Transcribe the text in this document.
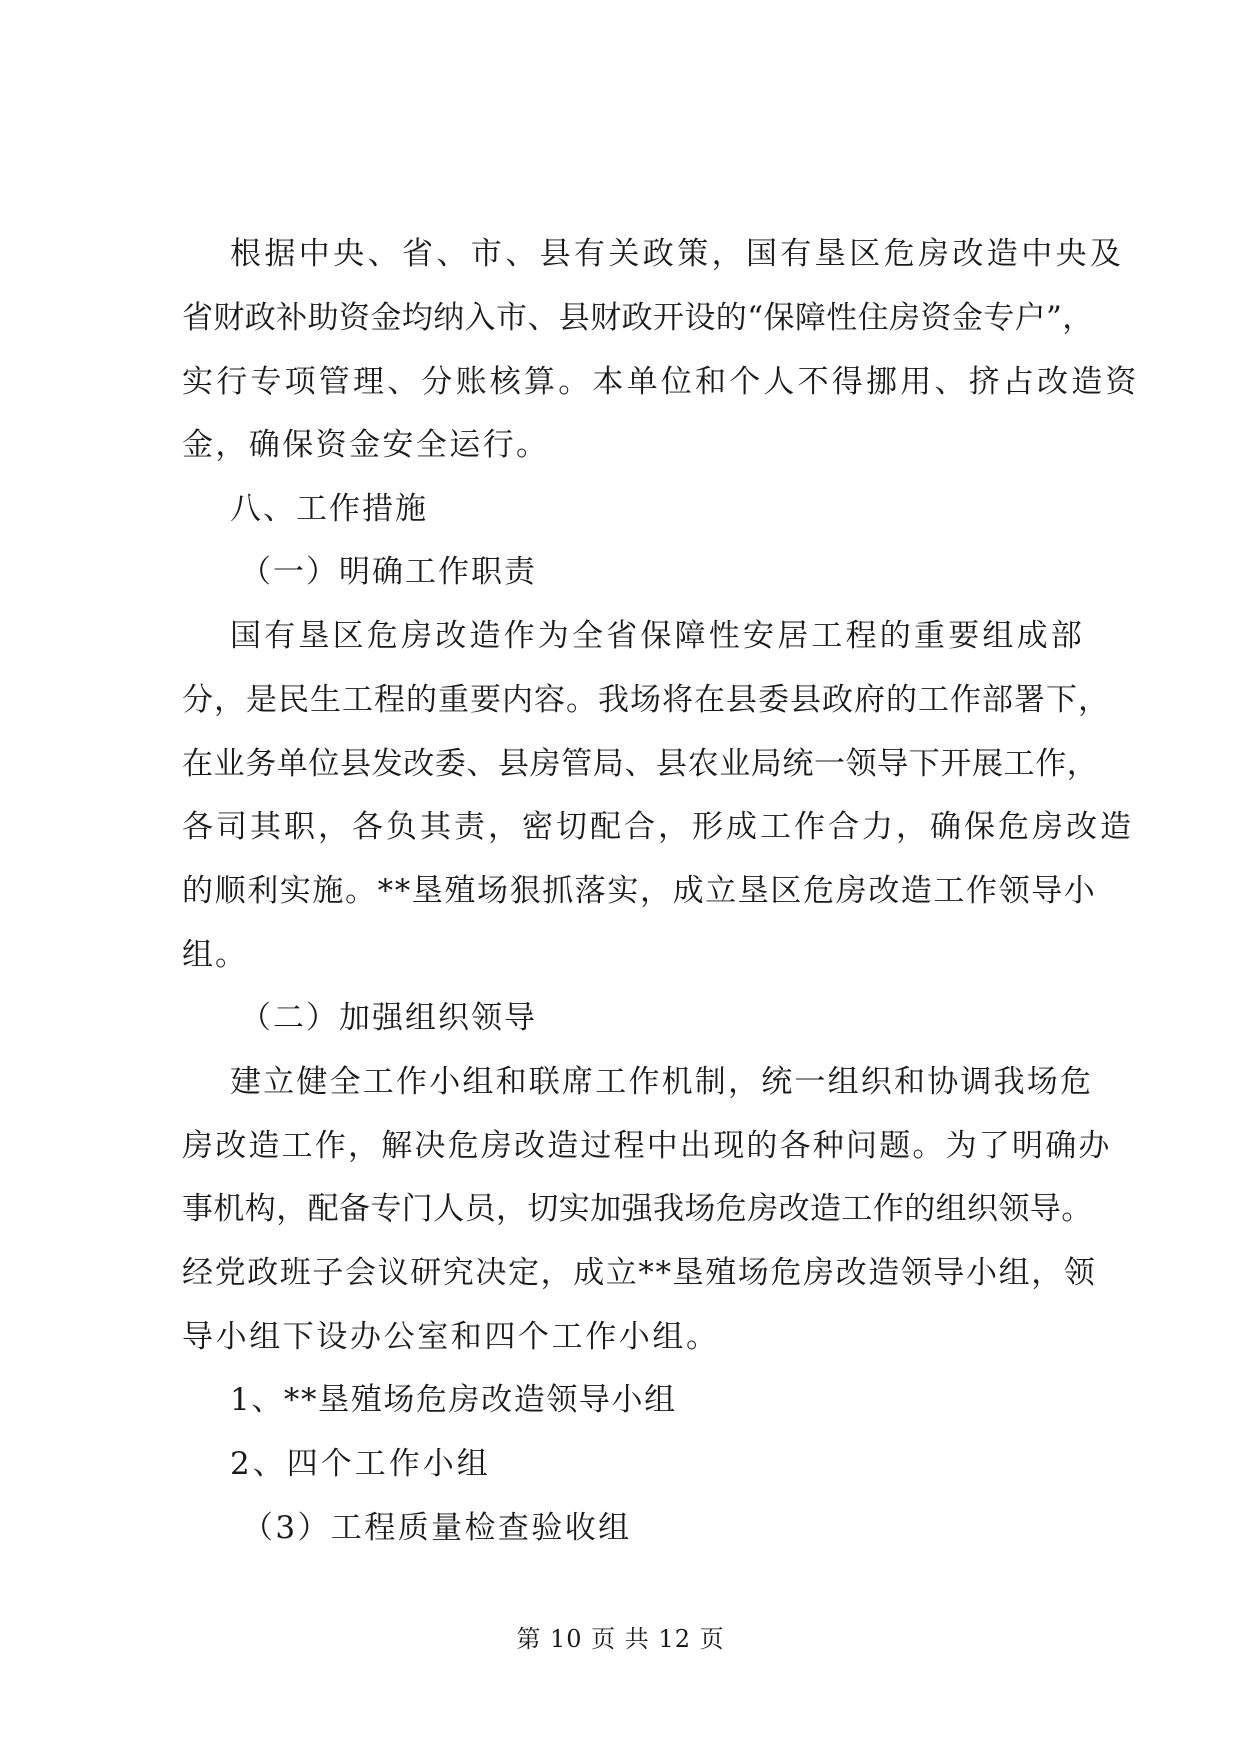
根据中央、省、市、县有关政策，国有垦区危房改造中央及
省财政补助资金均纳入市、县财政开设的“保障性住房资金专户”，
实行专项管理、分账核算。本单位和个人不得挪用、挤占改造资
金，确保资金安全运行。
八、工作措施
（一）明确工作职责
国有垦区危房改造作为全省保障性安居工程的重要组成部
分，是民生工程的重要内容。我场将在县委县政府的工作部署下，
在业务单位县发改委、县房管局、县农业局统一领导下开展工作，
各司其职，各负其责，密切配合，形成工作合力，确保危房改造
的顺利实施。**垦殖场狠抓落实，成立垦区危房改造工作领导小
组。
（二）加强组织领导
建立健全工作小组和联席工作机制，统一组织和协调我场危
房改造工作，解决危房改造过程中出现的各种问题。为了明确办
事机构，配备专门人员，切实加强我场危房改造工作的组织领导。
经党政班子会议研究决定，成立**垦殖场危房改造领导小组，领
导小组下设办公室和四个工作小组。
1、**垦殖场危房改造领导小组
2、四个工作小组
（3）工程质量检查验收组
第 10 页 共 12 页
